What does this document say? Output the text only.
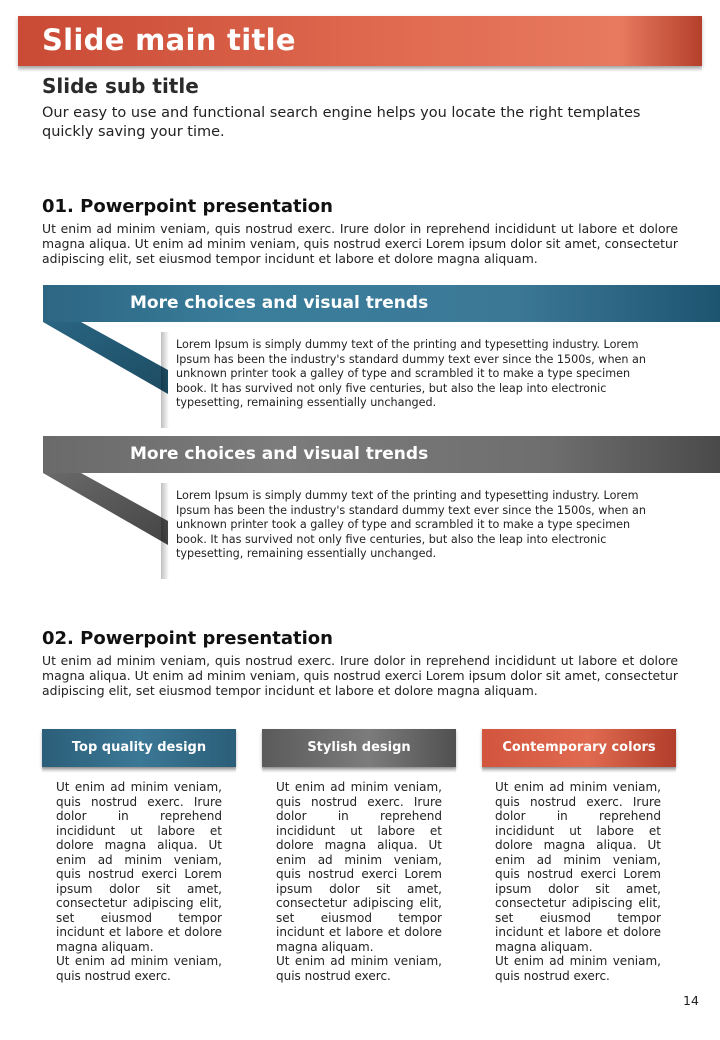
Slide main title
Slide sub title
Our easy to use and functional search engine helps you locate the right templates quickly saving your time.
01. Powerpoint presentation
Ut enim ad minim veniam, quis nostrud exerc. Irure dolor in reprehend incididunt ut labore et dolore magna aliqua. Ut enim ad minim veniam, quis nostrud exerci Lorem ipsum dolor sit amet, consectetur adipiscing elit, set eiusmod tempor incidunt et labore et dolore magna aliquam.
More choices and visual trends
Lorem Ipsum is simply dummy text of the printing and typesetting industry. Lorem Ipsum has been the industry's standard dummy text ever since the 1500s, when an unknown printer took a galley of type and scrambled it to make a type specimen book. It has survived not only five centuries, but also the leap into electronic typesetting, remaining essentially unchanged.
More choices and visual trends
Lorem Ipsum is simply dummy text of the printing and typesetting industry. Lorem Ipsum has been the industry's standard dummy text ever since the 1500s, when an unknown printer took a galley of type and scrambled it to make a type specimen book. It has survived not only five centuries, but also the leap into electronic typesetting, remaining essentially unchanged.
02. Powerpoint presentation
Ut enim ad minim veniam, quis nostrud exerc. Irure dolor in reprehend incididunt ut labore et dolore magna aliqua. Ut enim ad minim veniam, quis nostrud exerci Lorem ipsum dolor sit amet, consectetur adipiscing elit, set eiusmod tempor incidunt et labore et dolore magna aliquam.
Top quality design	Stylish design	Contemporary colors
Ut enim ad minim veniam, quis nostrud exerc. Irure dolor in reprehend incididunt ut labore et dolore magna aliqua. Ut enim ad minim veniam, quis nostrud exerci Lorem ipsum dolor sit amet, consectetur adipiscing elit, set eiusmod tempor incidunt et labore et dolore magna aliquam.
Ut enim ad minim veniam, quis nostrud exerc.
Ut enim ad minim veniam, quis nostrud exerc. Irure dolor in reprehend incididunt ut labore et dolore magna aliqua. Ut enim ad minim veniam, quis nostrud exerci Lorem ipsum dolor sit amet, consectetur adipiscing elit, set eiusmod tempor incidunt et labore et dolore magna aliquam.
Ut enim ad minim veniam, quis nostrud exerc.
Ut enim ad minim veniam, quis nostrud exerc. Irure dolor in reprehend incididunt ut labore et dolore magna aliqua. Ut enim ad minim veniam, quis nostrud exerci Lorem ipsum dolor sit amet, consectetur adipiscing elit, set eiusmod tempor incidunt et labore et dolore magna aliquam.
Ut enim ad minim veniam, quis nostrud exerc.
14
